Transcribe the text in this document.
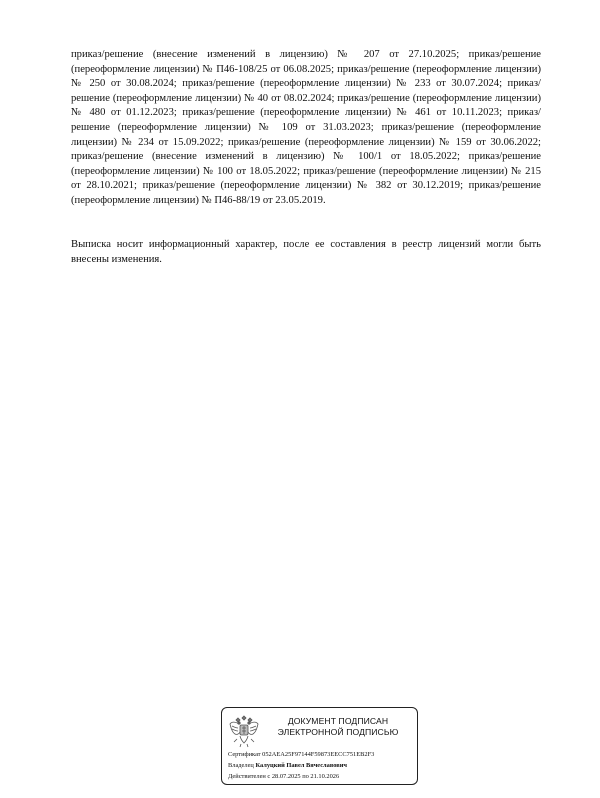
приказ/решение (внесение изменений в лицензию) № 207 от 27.10.2025; приказ/решение (переоформление лицензии) № П46-108/25 от 06.08.2025; приказ/решение (переоформление лицензии) № 250 от 30.08.2024; приказ/решение (переоформление лицензии) № 233 от 30.07.2024; приказ/решение (переоформление лицензии) № 40 от 08.02.2024; приказ/решение (переоформление лицензии) № 480 от 01.12.2023; приказ/решение (переоформление лицензии) № 461 от 10.11.2023; приказ/решение (переоформление лицензии) № 109 от 31.03.2023; приказ/решение (переоформление лицензии) № 234 от 15.09.2022; приказ/решение (переоформление лицензии) № 159 от 30.06.2022; приказ/решение (внесение изменений в лицензию) № 100/1 от 18.05.2022; приказ/решение (переоформление лицензии) № 100 от 18.05.2022; приказ/решение (переоформление лицензии) № 215 от 28.10.2021; приказ/решение (переоформление лицензии) № 382 от 30.12.2019; приказ/решение (переоформление лицензии) № П46-88/19 от 23.05.2019.

Выписка носит информационный характер, после ее составления в реестр лицензий могли быть внесены изменения.

ДОКУМЕНТ ПОДПИСАН
ЭЛЕКТРОННОЙ ПОДПИСЬЮ
Сертификат 052AEA25F97144F59873EECC751EB2F3
Владелец Калуцкий Павел Вячеславович
Действителен с 28.07.2025 по 21.10.2026
